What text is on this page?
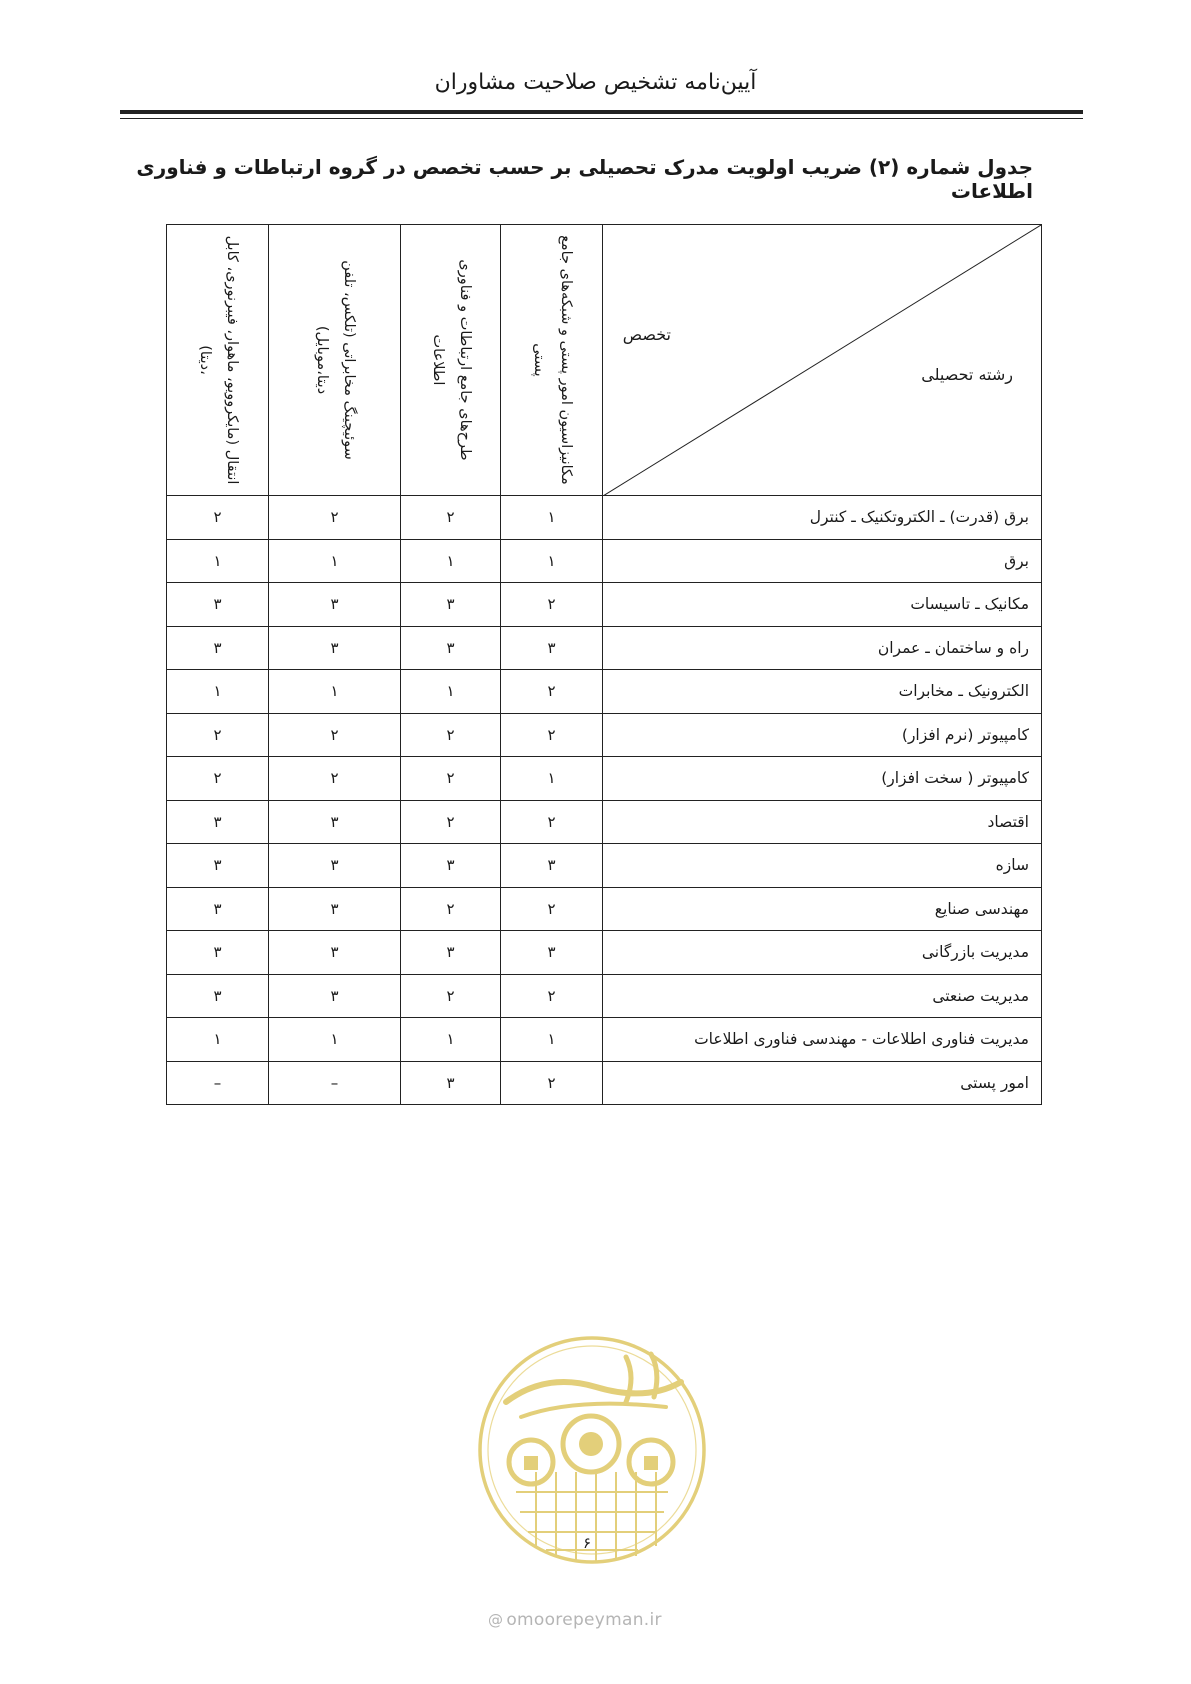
آیین‌نامه تشخیص صلاحیت مشاوران
جدول شماره (۲) ضریب اولویت مدرک تحصیلی بر حسب تخصص در گروه ارتباطات و فناوری اطلاعات
تخصص
رشته تحصیلی	مکانیزاسیون امور پستی و شبکه‌های جامع پستی	طرح‌های جامع ارتباطات و فناوری اطلاعات	سوئیچینگ مخابراتی (تلکس، تلفن دیتا،موبایل)	انتقال (مایکروویو، ماهوار، فیبرنوری، کابل ،دیتا)

برق (قدرت) ـ الکتروتکنیک ـ کنترل	۱	۲	۲	۲
برق	۱	۱	۱	۱
مکانیک ـ تاسیسات	۲	۳	۳	۳
راه و ساختمان ـ عمران	۳	۳	۳	۳
الکترونیک ـ مخابرات	۲	۱	۱	۱
کامپیوتر (نرم افزار)	۲	۲	۲	۲
کامپیوتر ( سخت افزار)	۱	۲	۲	۲
اقتصاد	۲	۲	۳	۳
سازه	۳	۳	۳	۳
مهندسی صنایع	۲	۲	۳	۳
مدیریت بازرگانی	۳	۳	۳	۳
مدیریت صنعتی	۲	۲	۳	۳
مدیریت فناوری اطلاعات - مهندسی فناوری اطلاعات	۱	۱	۱	۱
امور پستی	۲	۳	–	–
۶
@ omoorepeyman.ir
